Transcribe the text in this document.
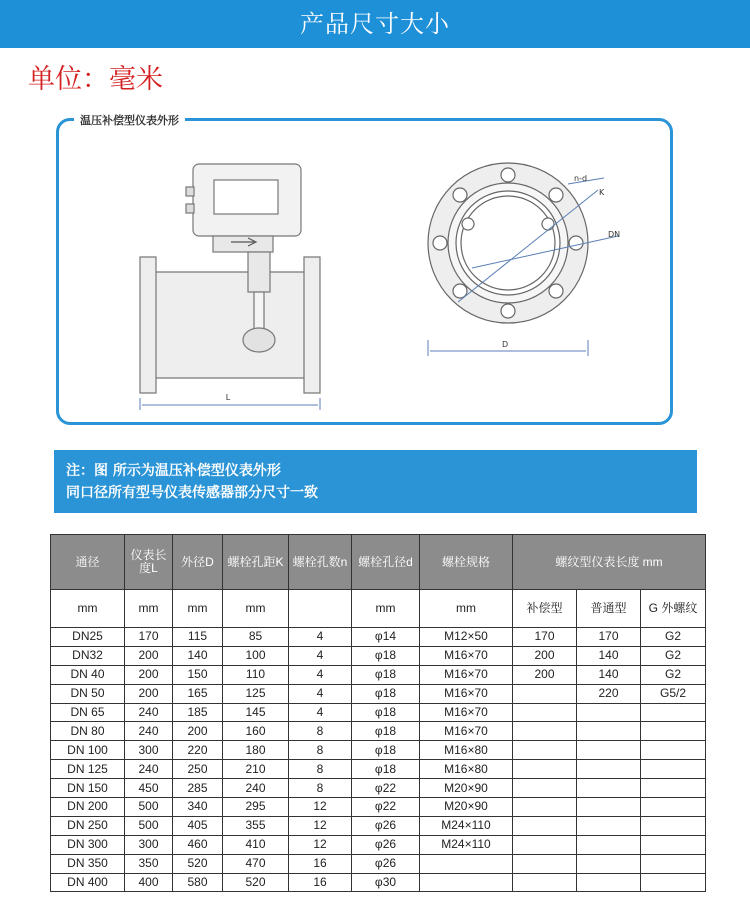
产品尺寸大小
单位：毫米
L
n-d
K
DN
D
温压补偿型仪表外形
注：图 所示为温压补偿型仪表外形
同口径所有型号仪表传感器部分尺寸一致
通径	仪表长度L	外径D	螺栓孔距K	螺栓孔数n	螺栓孔径d	螺栓规格	螺纹型仪表长度 mm		
mm	mm	mm	mm		mm	mm	补偿型	普通型	G 外螺纹
DN25	170	115	85	4	φ14	M12×50	170	170	G2
DN32	200	140	100	4	φ18	M16×70	200	140	G2
DN 40	200	150	110	4	φ18	M16×70	200	140	G2
DN 50	200	165	125	4	φ18	M16×70		220	G5/2
DN 65	240	185	145	4	φ18	M16×70			
DN 80	240	200	160	8	φ18	M16×70			
DN 100	300	220	180	8	φ18	M16×80			
DN 125	240	250	210	8	φ18	M16×80			
DN 150	450	285	240	8	φ22	M20×90			
DN 200	500	340	295	12	φ22	M20×90			
DN 250	500	405	355	12	φ26	M24×110			
DN 300	300	460	410	12	φ26	M24×110			
DN 350	350	520	470	16	φ26				
DN 400	400	580	520	16	φ30				
